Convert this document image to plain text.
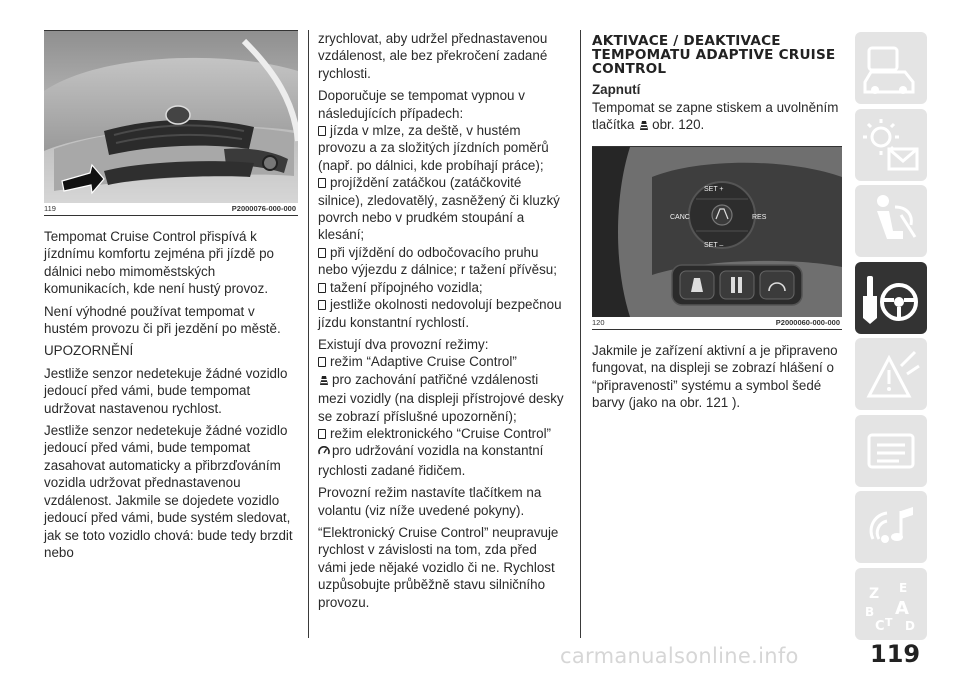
119	P2000076-000-000

Tempomat Cruise Control přispívá k jízdnímu komfortu zejména při jízdě po dálnici nebo mimoměstských komunikacích, kde není hustý provoz.

Není výhodné používat tempomat v hustém provozu či při jezdění po městě.

UPOZORNĚNÍ

Jestliže senzor nedetekuje žádné vozidlo jedoucí před vámi, bude tempomat udržovat nastavenou rychlost.

Jestliže senzor nedetekuje žádné vozidlo jedoucí před vámi, bude tempomat zasahovat automaticky a přibrzďováním vozidla udržovat přednastavenou vzdálenost. Jakmile se dojedete vozidlo jedoucí před vámi, bude systém sledovat, jak se toto vozidlo chová: bude tedy brzdit nebo

zrychlovat, aby udržel přednastavenou vzdálenost, ale bez překročení zadané rychlosti.

Doporučuje se tempomat vypnou v následujících případech:

jízda v mlze, za deště, v hustém provozu a za složitých jízdních poměrů (např. po dálnici, kde probíhají práce);

projíždění zatáčkou (zatáčkovité silnice), zledovatělý, zasněžený či kluzký povrch nebo v prudkém stoupání a klesání;

při vjíždění do odbočovacího pruhu nebo výjezdu z dálnice; r tažení přívěsu;

tažení přípojného vozidla;

jestliže okolnosti nedovolují bezpečnou jízdu konstantní rychlostí.

Existují dva provozní režimy:

režim “Adaptive Cruise Control”

pro zachování patřičné vzdálenosti mezi vozidly (na displeji přístrojové desky se zobrazí příslušné upozornění);

režim elektronického “Cruise Control”

pro udržování vozidla na konstantní rychlosti zadané řidičem.

Provozní režim nastavíte tlačítkem na volantu (viz níže uvedené pokyny).

“Elektronický Cruise Control” neupravuje rychlost v závislosti na tom, zda před vámi jede nějaké vozidlo či ne. Rychlost uzpůsobujte průběžně stavu silničního provozu.

AKTIVACE / DEAKTIVACE TEMPOMATU ADAPTIVE CRUISE CONTROL
Zapnutí

Tempomat se zapne stiskem a uvolněním tlačítka obr. 120.

SET +
SET –
CANC	RES
120	P2000060-000-000

Jakmile je zařízení aktivní a je připraveno fungovat, na displeji se zobrazí hlášení o “připravenosti” systému a symbol šedé barvy (jako na obr. 121 ).

Z E
B A
C T D
carmanualsonline.info	119
